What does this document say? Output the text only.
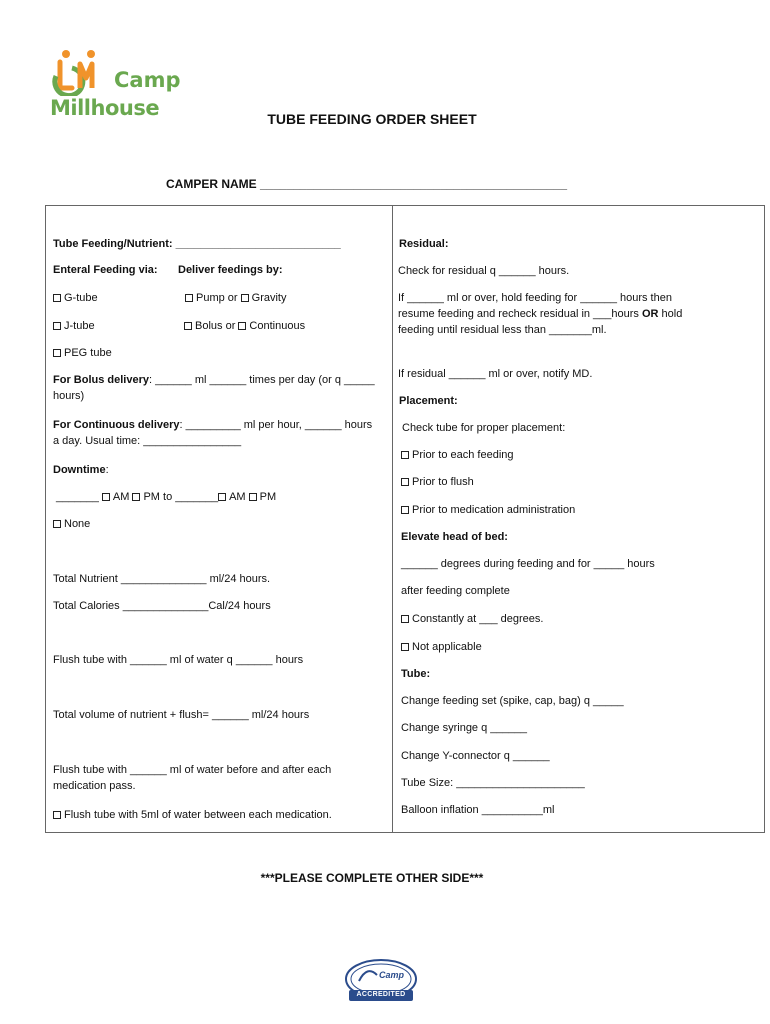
Camp
Millhouse	TUBE FEEDING ORDER SHEET
CAMPER NAME ______________________________________________
Tube Feeding/Nutrient: ___________________________
Enteral Feeding via: Deliver feedings by:
G-tube	Pump or Gravity
J-tube	Bolus or Continuous
PEG tube
For Bolus delivery: ______ ml ______ times per day (or q _____
hours)
For Continuous delivery: _________ ml per hour, ______ hours
a day. Usual time: ________________
Downtime:
_______ AM PM to _______ AM PM
None
Total Nutrient ______________ ml/24 hours.
Total Calories ______________Cal/24 hours
Flush tube with ______ ml of water q ______ hours
Total volume of nutrient + flush= ______ ml/24 hours
Flush tube with ______ ml of water before and after each
medication pass.
Flush tube with 5ml of water between each medication.
Residual:
Check for residual q ______ hours.
If ______ ml or over, hold feeding for ______ hours then
resume feeding and recheck residual in ___hours OR hold
feeding until residual less than _______ml.
If residual ______ ml or over, notify MD.
Placement:
Check tube for proper placement:
Prior to each feeding
Prior to flush
Prior to medication administration
Elevate head of bed:
______ degrees during feeding and for _____ hours
after feeding complete
Constantly at ___ degrees.
Not applicable
Tube:
Change feeding set (spike, cap, bag) q _____
Change syringe q ______
Change Y-connector q ______
Tube Size: _____________________
Balloon inflation __________ml
***PLEASE COMPLETE OTHER SIDE***
Camp
ACCREDITED
